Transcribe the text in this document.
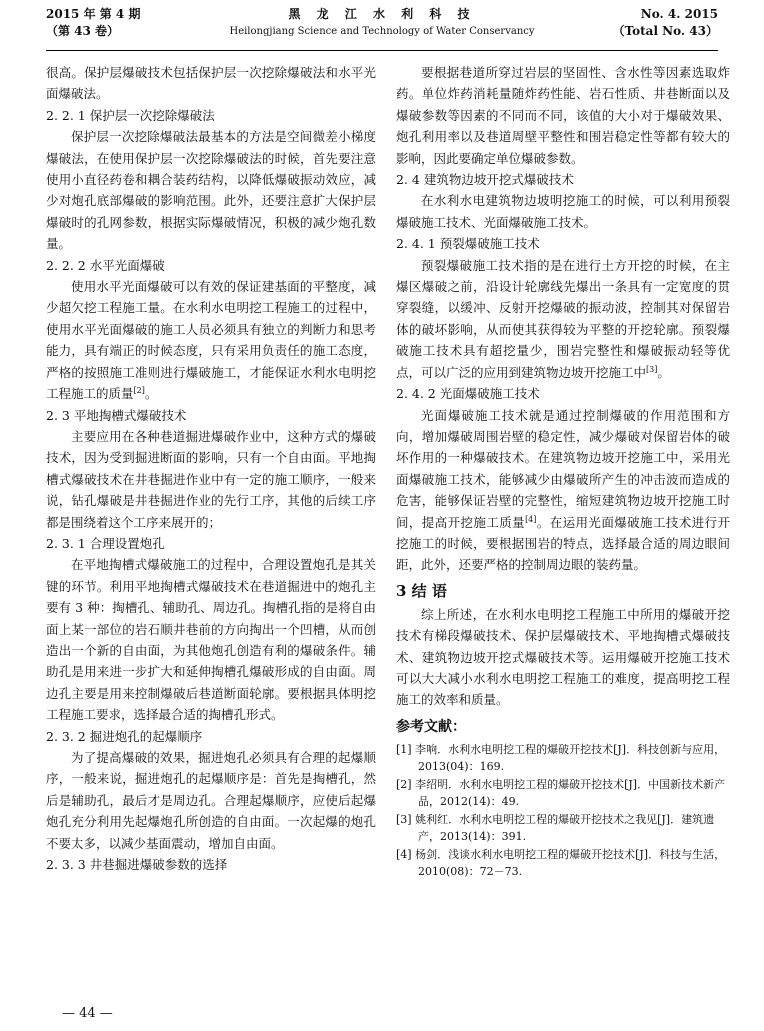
2015 年 第 4 期
（第 43 卷）
黑 龙 江 水 利 科 技
Heilongjiang Science and Technology of Water Conservancy
No. 4. 2015
（Total No. 43）

很高。保护层爆破技术包括保护层一次挖除爆破法和水平光面爆破法。

2. 2. 1 保护层一次挖除爆破法

保护层一次挖除爆破法最基本的方法是空间微差小梯度爆破法，在使用保护层一次挖除爆破法的时候，首先要注意使用小直径药卷和耦合装药结构，以降低爆破振动效应，减少对炮孔底部爆破的影响范围。此外，还要注意扩大保护层爆破时的孔网参数，根据实际爆破情况，积极的减少炮孔数量。

2. 2. 2 水平光面爆破

使用水平光面爆破可以有效的保证建基面的平整度，减少超欠挖工程施工量。在水利水电明挖工程施工的过程中，使用水平光面爆破的施工人员必须具有独立的判断力和思考能力，具有端正的时候态度，只有采用负责任的施工态度，严格的按照施工准则进行爆破施工，才能保证水利水电明挖工程施工的质量[2]。

2. 3 平地掏槽式爆破技术

主要应用在各种巷道掘进爆破作业中，这种方式的爆破技术，因为受到掘进断面的影响，只有一个自由面。平地掏槽式爆破技术在井巷掘进作业中有一定的施工顺序，一般来说，钻孔爆破是井巷掘进作业的先行工序，其他的后续工序都是围绕着这个工序来展开的；

2. 3. 1 合理设置炮孔

在平地掏槽式爆破施工的过程中，合理设置炮孔是其关键的环节。利用平地掏槽式爆破技术在巷道掘进中的炮孔主要有 3 种：掏槽孔、辅助孔、周边孔。掏槽孔指的是将自由面上某一部位的岩石顺井巷前的方向掏出一个凹槽，从而创造出一个新的自由面，为其他炮孔创造有利的爆破条件。辅助孔是用来进一步扩大和延伸掏槽孔爆破形成的自由面。周边孔主要是用来控制爆破后巷道断面轮廓。要根据具体明挖工程施工要求，选择最合适的掏槽孔形式。

2. 3. 2 掘进炮孔的起爆顺序

为了提高爆破的效果，掘进炮孔必须具有合理的起爆顺序，一般来说，掘进炮孔的起爆顺序是：首先是掏槽孔，然后是辅助孔，最后才是周边孔。合理起爆顺序，应使后起爆炮孔充分利用先起爆炮孔所创造的自由面。一次起爆的炮孔不要太多，以减少基面震动，增加自由面。

2. 3. 3 井巷掘进爆破参数的选择

要根据巷道所穿过岩层的坚固性、含水性等因素选取炸药。单位炸药消耗量随炸药性能、岩石性质、井巷断面以及爆破参数等因素的不同而不同，该值的大小对于爆破效果、炮孔利用率以及巷道周壁平整性和围岩稳定性等都有较大的影响，因此要确定单位爆破参数。

2. 4 建筑物边坡开挖式爆破技术

在水利水电建筑物边坡明挖施工的时候，可以利用预裂爆破施工技术、光面爆破施工技术。

2. 4. 1 预裂爆破施工技术

预裂爆破施工技术指的是在进行土方开挖的时候，在主爆区爆破之前，沿设计轮廓线先爆出一条具有一定宽度的贯穿裂缝，以缓冲、反射开挖爆破的振动波，控制其对保留岩体的破坏影响，从而使其获得较为平整的开挖轮廓。预裂爆破施工技术具有超挖量少，围岩完整性和爆破振动轻等优点，可以广泛的应用到建筑物边坡开挖施工中[3]。

2. 4. 2 光面爆破施工技术

光面爆破施工技术就是通过控制爆破的作用范围和方向，增加爆破周围岩壁的稳定性，减少爆破对保留岩体的破坏作用的一种爆破技术。在建筑物边坡开挖施工中，采用光面爆破施工技术，能够减少由爆破所产生的冲击波而造成的危害，能够保证岩壁的完整性，缩短建筑物边坡开挖施工时间，提高开挖施工质量[4]。在运用光面爆破施工技术进行开挖施工的时候，要根据围岩的特点，选择最合适的周边眼间距，此外，还要严格的控制周边眼的装药量。

3 结 语

综上所述，在水利水电明挖工程施工中所用的爆破开挖技术有梯段爆破技术、保护层爆破技术、平地掏槽式爆破技术、建筑物边坡开挖式爆破技术等。运用爆破开挖施工技术可以大大减小水利水电明挖工程施工的难度，提高明挖工程施工的效率和质量。

参考文献：

[1] 李响．水利水电明挖工程的爆破开挖技术[J]．科技创新与应用，2013(04)：169.

[2] 李绍明．水利水电明挖工程的爆破开挖技术[J]．中国新技术新产品，2012(14)：49.

[3] 姚利红．水利水电明挖工程的爆破开挖技术之我见[J]．建筑遗产，2013(14)：391.

[4] 杨剑．浅谈水利水电明挖工程的爆破开挖技术[J]．科技与生活，2010(08)：72－73.

— 44 —
